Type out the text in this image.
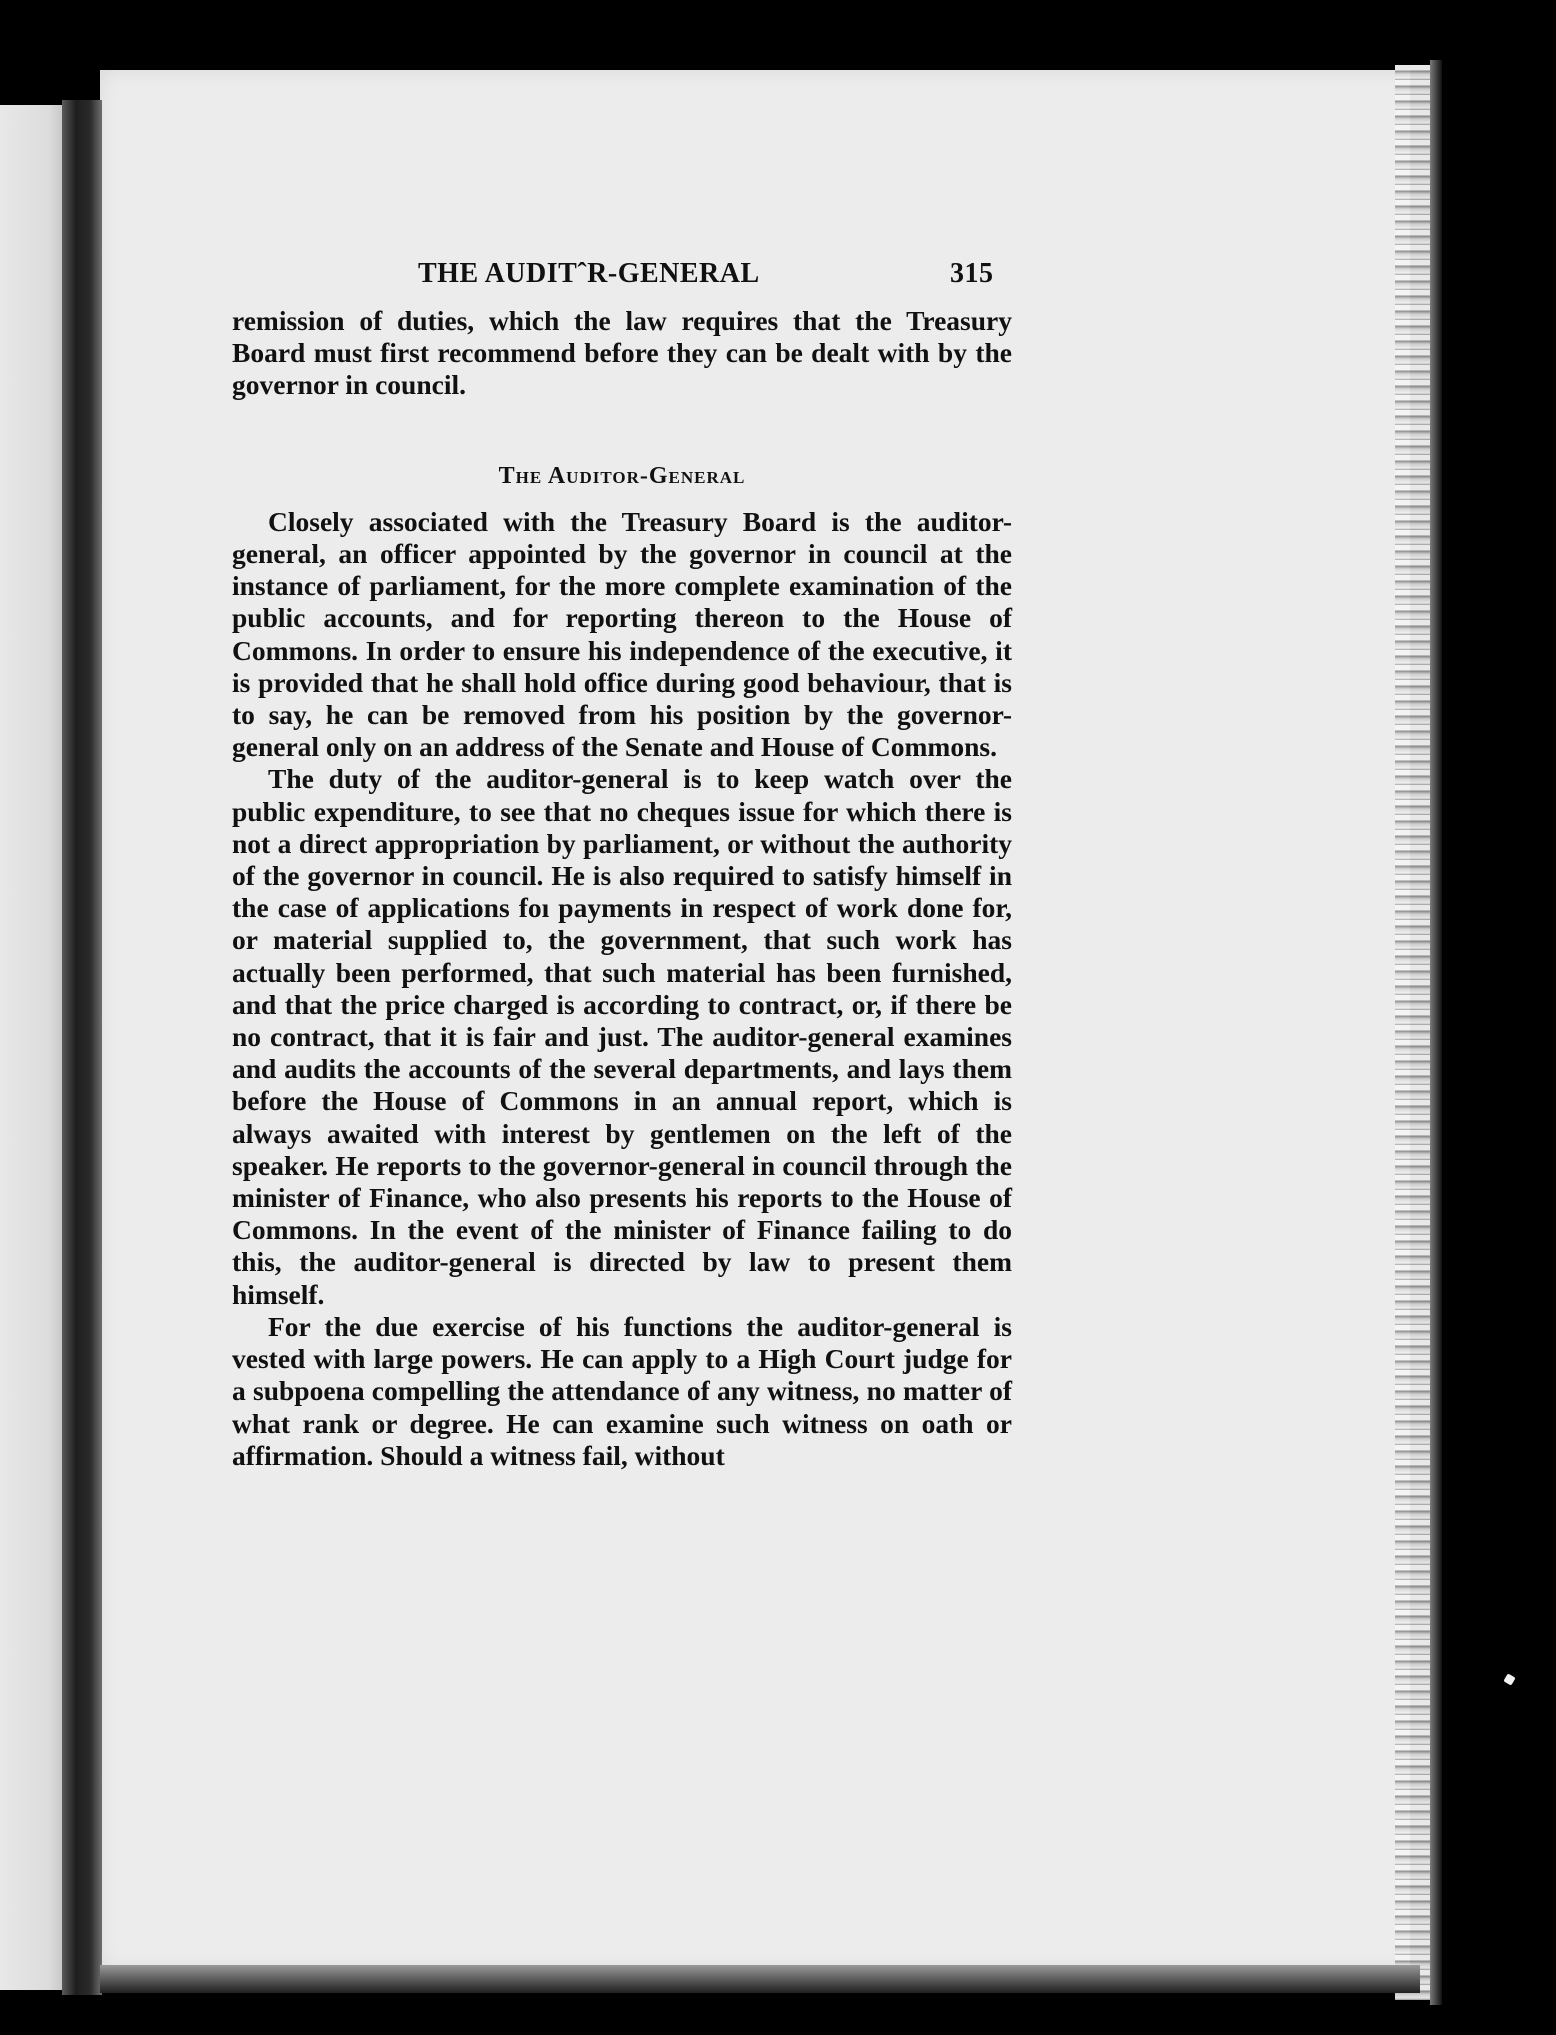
THE AUDITˆR-GENERAL	315

remission of duties, which the law requires that the Treasury Board must first recommend before they can be dealt with by the governor in council.

The Auditor-General

Closely associated with the Treasury Board is the auditor-general, an officer appointed by the governor in council at the instance of parliament, for the more complete examination of the public accounts, and for reporting thereon to the House of Commons. In order to ensure his independence of the executive, it is provided that he shall hold office during good behaviour, that is to say, he can be removed from his position by the governor-general only on an address of the Senate and House of Commons.

The duty of the auditor-general is to keep watch over the public expenditure, to see that no cheques issue for which there is not a direct appropriation by parliament, or without the authority of the governor in council. He is also required to satisfy himself in the case of applications foı payments in respect of work done for, or material supplied to, the government, that such work has actually been performed, that such material has been furnished, and that the price charged is according to contract, or, if there be no contract, that it is fair and just. The auditor-general examines and audits the accounts of the several departments, and lays them before the House of Commons in an annual report, which is always awaited with interest by gentlemen on the left of the speaker. He reports to the governor-general in council through the minister of Finance, who also presents his reports to the House of Commons. In the event of the minister of Finance failing to do this, the auditor-general is directed by law to present them himself.

For the due exercise of his functions the auditor-general is vested with large powers. He can apply to a High Court judge for a subpoena compelling the attendance of any witness, no matter of what rank or degree. He can examine such witness on oath or affirmation. Should a witness fail, without
